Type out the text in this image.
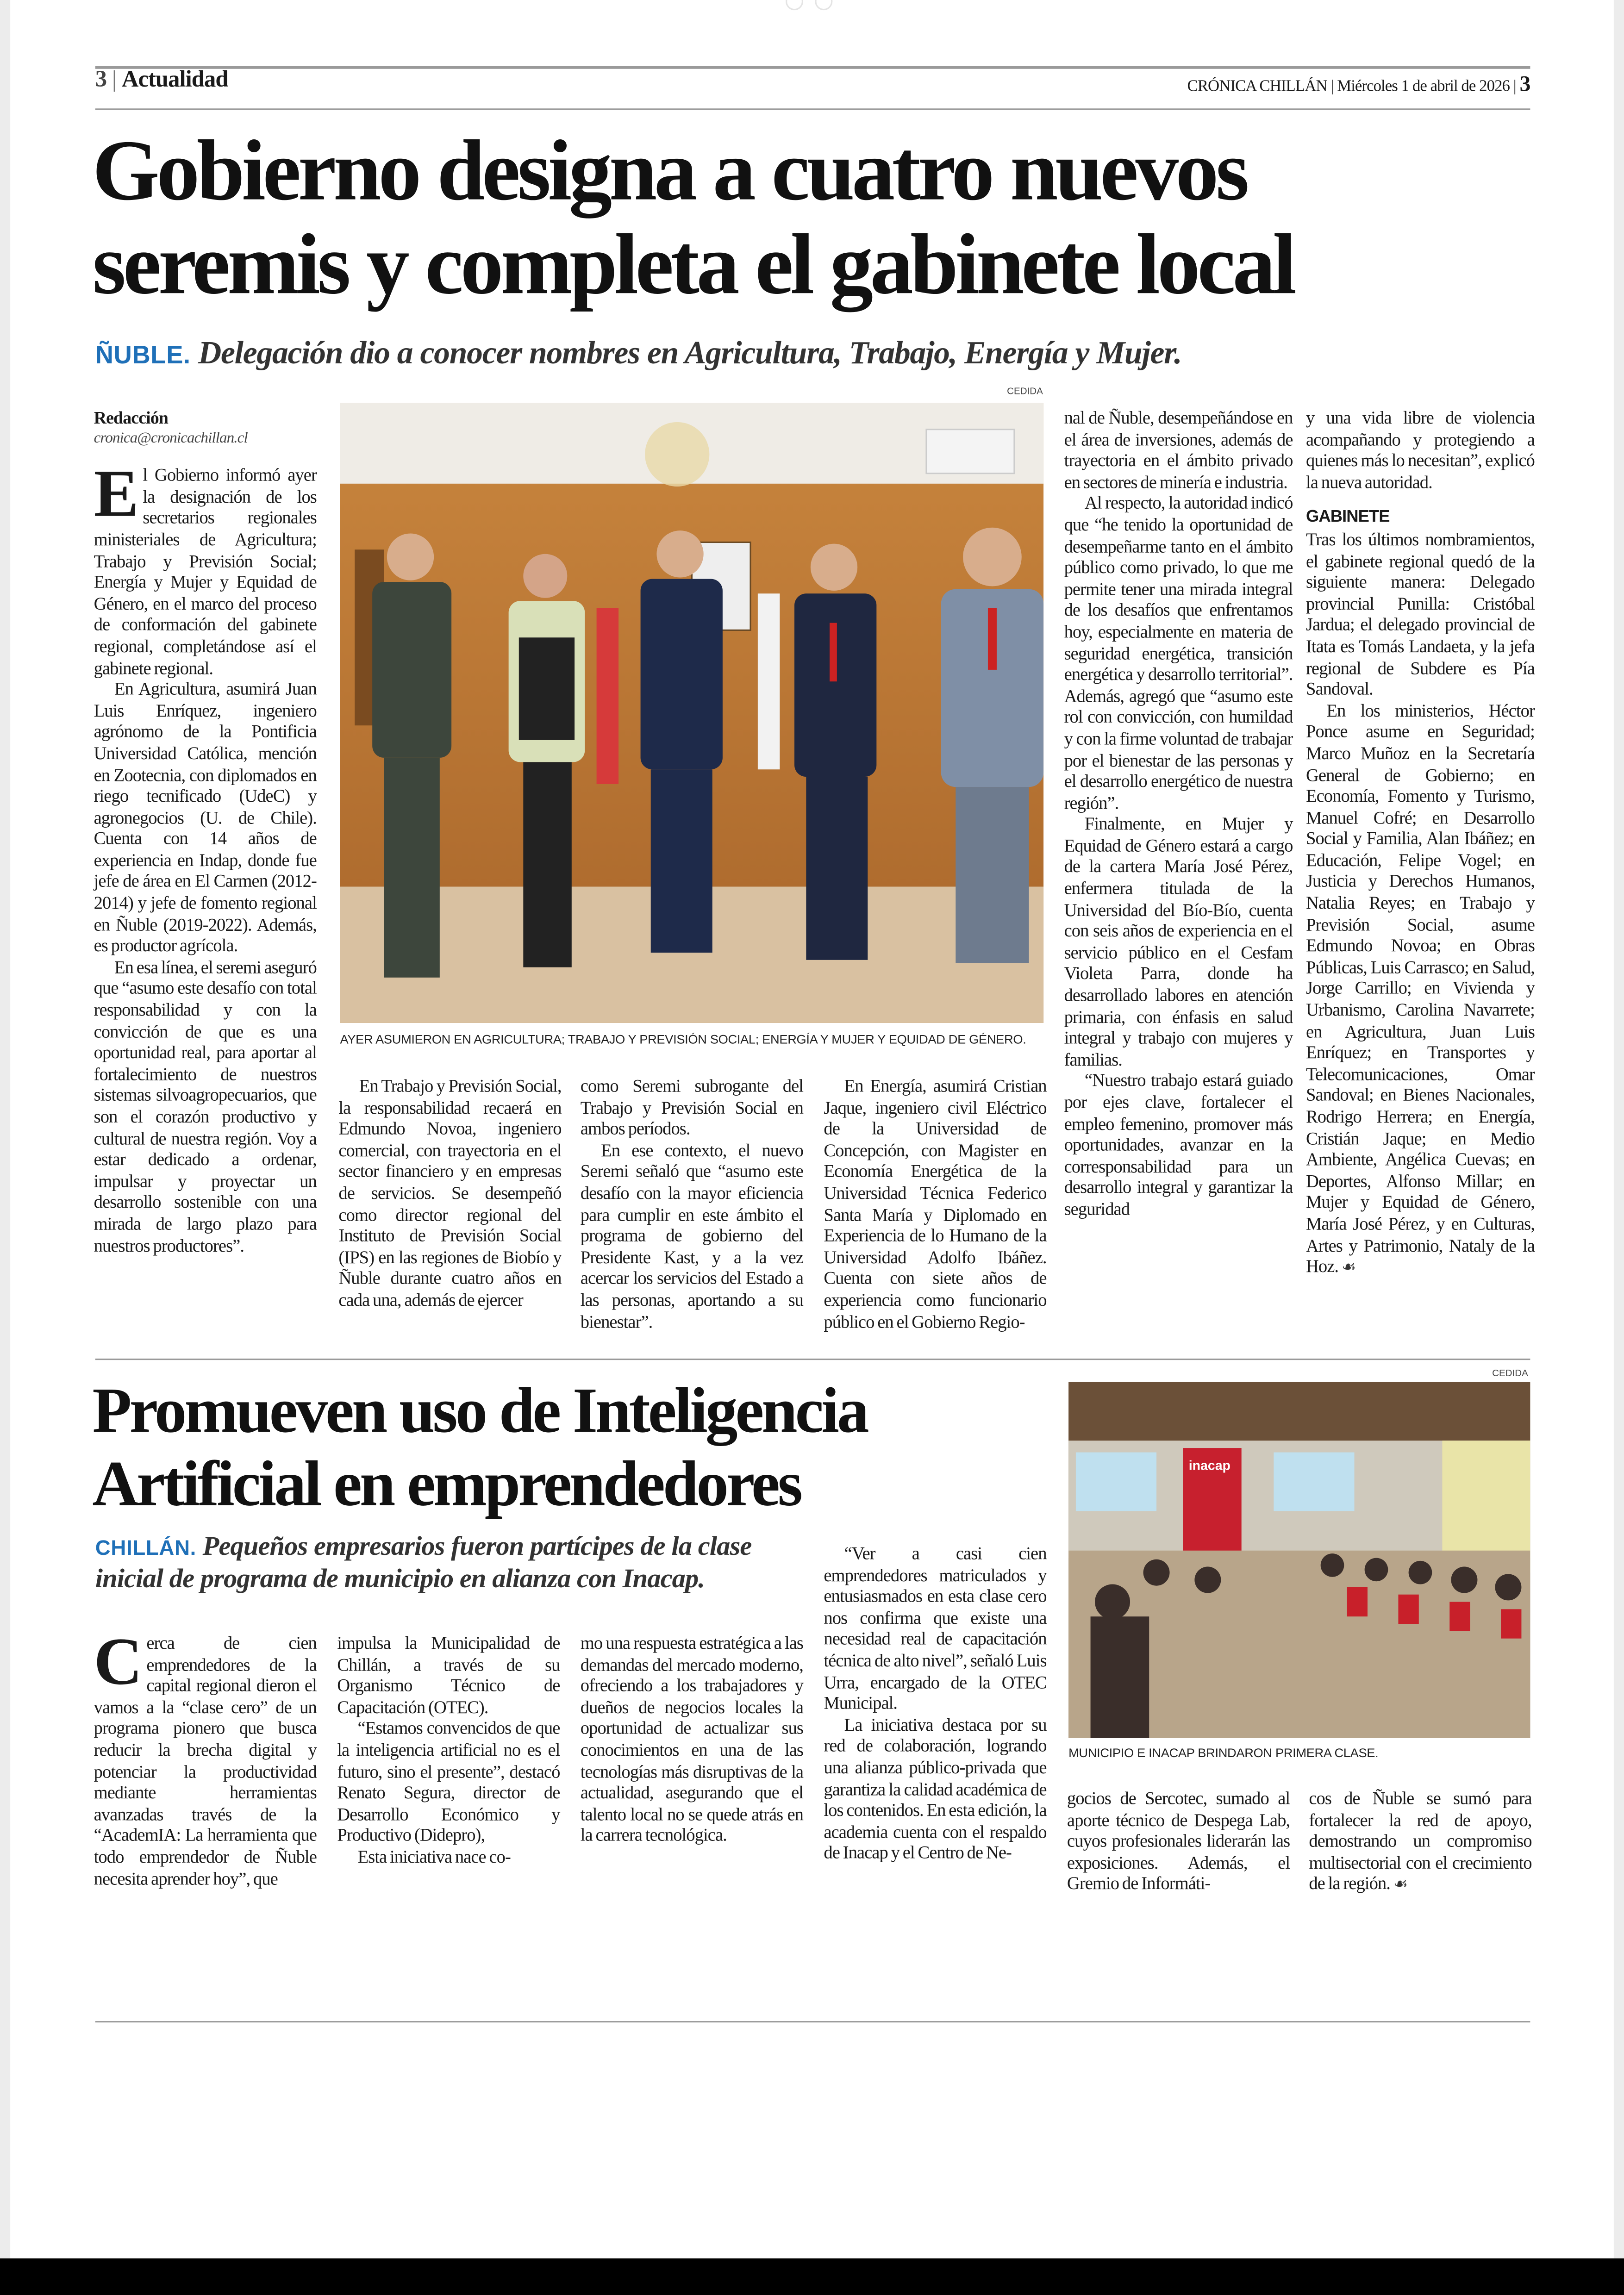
3 | Actualidad	CRÓNICA CHILLÁN | Miércoles 1 de abril de 2026 | 3
Gobierno designa a cuatro nuevos
seremis y completa el gabinete local
ÑUBLE. Delegación dio a conocer nombres en Agricultura, Trabajo, Energía y Mujer.
Redacción
cronica@cronicachillan.cl

El Gobierno informó ayer la designación de los secretarios regionales ministeriales de Agricultura; Trabajo y Previsión Social; Energía y Mujer y Equidad de Género, en el marco del proceso de conformación del gabinete regional, completándose así el gabinete regional.

En Agricultura, asumirá Juan Luis Enríquez, ingeniero agrónomo de la Pontificia Universidad Católica, mención en Zootecnia, con diplomados en riego tecnificado (UdeC) y agronegocios (U. de Chile). Cuenta con 14 años de experiencia en Indap, donde fue jefe de área en El Carmen (2012-2014) y jefe de fomento regional en Ñuble (2019-2022). Además, es productor agrícola.

En esa línea, el seremi aseguró que “asumo este desafío con total responsabilidad y con la convicción de que es una oportunidad real, para aportar al fortalecimiento de nuestros sistemas silvoagropecuarios, que son el corazón productivo y cultural de nuestra región. Voy a estar dedicado a ordenar, impulsar y proyectar un desarrollo sostenible con una mirada de largo plazo para nuestros productores”.

CEDIDA
AYER ASUMIERON EN AGRICULTURA; TRABAJO Y PREVISIÓN SOCIAL; ENERGÍA Y MUJER Y EQUIDAD DE GÉNERO.

En Trabajo y Previsión Social, la responsabilidad recaerá en Edmundo Novoa, ingeniero comercial, con trayectoria en el sector financiero y en empresas de servicios. Se desempeñó como director regional del Instituto de Previsión Social (IPS) en las regiones de Biobío y Ñuble durante cuatro años en cada una, además de ejercer

como Seremi subrogante del Trabajo y Previsión Social en ambos períodos.

En ese contexto, el nuevo Seremi señaló que “asumo este desafío con la mayor eficiencia para cumplir en este ámbito el programa de gobierno del Presidente Kast, y a la vez acercar los servicios del Estado a las personas, aportando a su bienestar”.

En Energía, asumirá Cristian Jaque, ingeniero civil Eléctrico de la Universidad de Concepción, con Magister en Economía Energética de la Universidad Técnica Federico Santa María y Diplomado en Experiencia de lo Humano de la Universidad Adolfo Ibáñez. Cuenta con siete años de experiencia como funcionario público en el Gobierno Regio-

nal de Ñuble, desempeñándose en el área de inversiones, además de trayectoria en el ámbito privado en sectores de minería e industria.

Al respecto, la autoridad indicó que “he tenido la oportunidad de desempeñarme tanto en el ámbito público como privado, lo que me permite tener una mirada integral de los desafíos que enfrentamos hoy, especialmente en materia de seguridad energética, transición energética y desarrollo territorial”. Además, agregó que “asumo este rol con convicción, con humildad y con la firme voluntad de trabajar por el bienestar de las personas y el desarrollo energético de nuestra región”.

Finalmente, en Mujer y Equidad de Género estará a cargo de la cartera María José Pérez, enfermera titulada de la Universidad del Bío-Bío, cuenta con seis años de experiencia en el servicio público en el Cesfam Violeta Parra, donde ha desarrollado labores en atención primaria, con énfasis en salud integral y trabajo con mujeres y familias.

“Nuestro trabajo estará guiado por ejes clave, fortalecer el empleo femenino, promover más oportunidades, avanzar en la corresponsabilidad para un desarrollo integral y garantizar la seguridad

y una vida libre de violencia acompañando y protegiendo a quienes más lo necesitan”, explicó la nueva autoridad.

GABINETE

Tras los últimos nombramientos, el gabinete regional quedó de la siguiente manera: Delegado provincial Punilla: Cristóbal Jardua; el delegado provincial de Itata es Tomás Landaeta, y la jefa regional de Subdere es Pía Sandoval.

En los ministerios, Héctor Ponce asume en Seguridad; Marco Muñoz en la Secretaría General de Gobierno; en Economía, Fomento y Turismo, Manuel Cofré; en Desarrollo Social y Familia, Alan Ibáñez; en Educación, Felipe Vogel; en Justicia y Derechos Humanos, Natalia Reyes; en Trabajo y Previsión Social, asume Edmundo Novoa; en Obras Públicas, Luis Carrasco; en Salud, Jorge Carrillo; en Vivienda y Urbanismo, Carolina Navarrete; en Agricultura, Juan Luis Enríquez; en Transportes y Telecomunicaciones, Omar Sandoval; en Bienes Nacionales, Rodrigo Herrera; en Energía, Cristián Jaque; en Medio Ambiente, Angélica Cuevas; en Deportes, Alfonso Millar; en Mujer y Equidad de Género, María José Pérez, y en Culturas, Artes y Patrimonio, Nataly de la Hoz. ☙

Promueven uso de Inteligencia
Artificial en emprendedores
CHILLÁN. Pequeños empresarios fueron partícipes de la clase inicial de programa de municipio en alianza con Inacap.
CEDIDA
inacap
MUNICIPIO E INACAP BRINDARON PRIMERA CLASE.

Cerca de cien emprendedores de la capital regional dieron el vamos a la “clase cero” de un programa pionero que busca reducir la brecha digital y potenciar la productividad mediante herramientas avanzadas través de la “AcademIA: La herramienta que todo emprendedor de Ñuble necesita aprender hoy”, que

impulsa la Municipalidad de Chillán, a través de su Organismo Técnico de Capacitación (OTEC).

“Estamos convencidos de que la inteligencia artificial no es el futuro, sino el presente”, destacó Renato Segura, director de Desarrollo Económico y Productivo (Didepro),

Esta iniciativa nace co-

mo una respuesta estratégica a las demandas del mercado moderno, ofreciendo a los trabajadores y dueños de negocios locales la oportunidad de actualizar sus conocimientos en una de las tecnologías más disruptivas de la actualidad, asegurando que el talento local no se quede atrás en la carrera tecnológica.

“Ver a casi cien emprendedores matriculados y entusiasmados en esta clase cero nos confirma que existe una necesidad real de capacitación técnica de alto nivel”, señaló Luis Urra, encargado de la OTEC Municipal.

La iniciativa destaca por su red de colaboración, logrando una alianza público-privada que garantiza la calidad académica de los contenidos. En esta edición, la academia cuenta con el respaldo de Inacap y el Centro de Ne-

gocios de Sercotec, sumado al aporte técnico de Despega Lab, cuyos profesionales liderarán las exposiciones. Además, el Gremio de Informáti-

cos de Ñuble se sumó para fortalecer la red de apoyo, demostrando un compromiso multisectorial con el crecimiento de la región. ☙
